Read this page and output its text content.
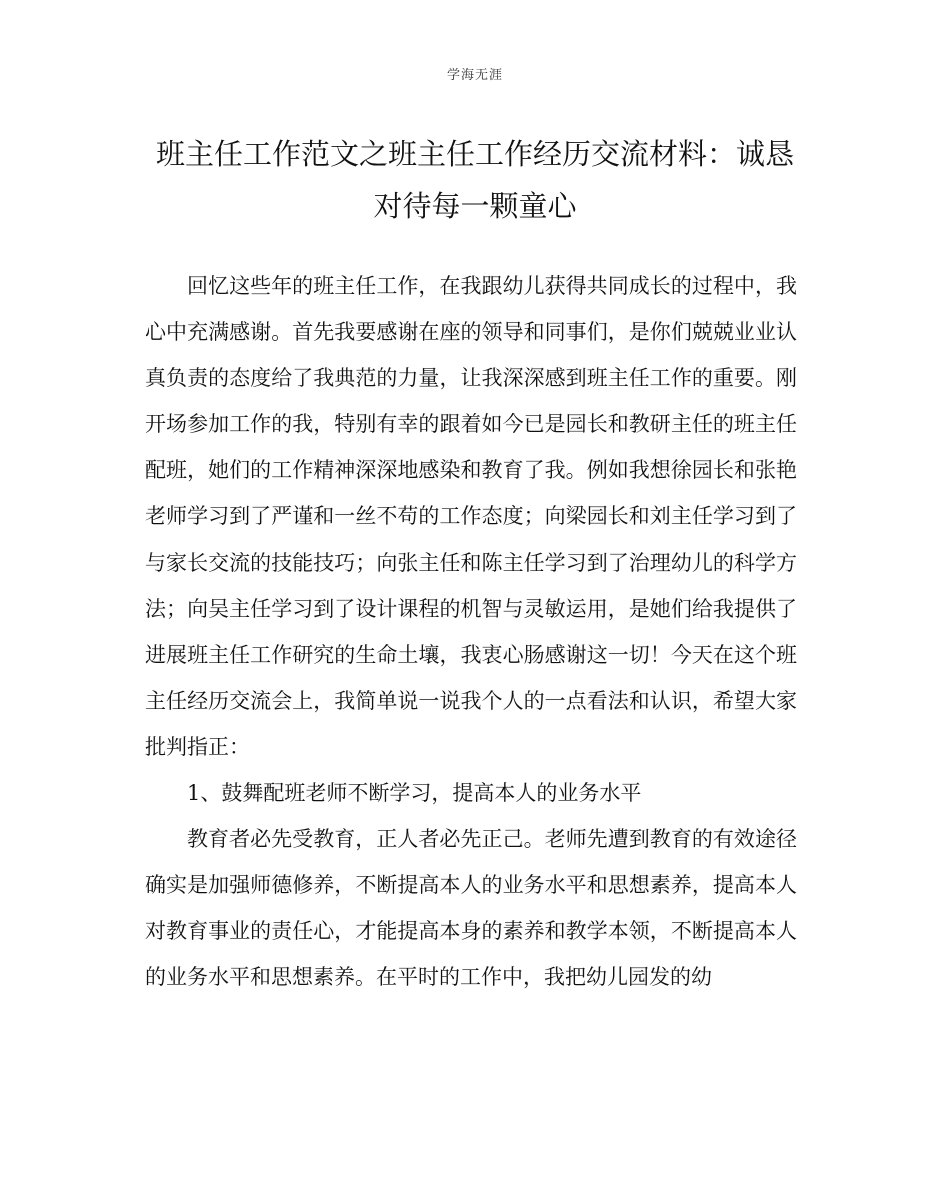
学海无涯
班主任工作范文之班主任工作经历交流材料：诚恳对待每一颗童心

回忆这些年的班主任工作，在我跟幼儿获得共同成长的过程中，我心中充满感谢。首先我要感谢在座的领导和同事们，是你们兢兢业业认真负责的态度给了我典范的力量，让我深深感到班主任工作的重要。刚开场参加工作的我，特别有幸的跟着如今已是园长和教研主任的班主任配班，她们的工作精神深深地感染和教育了我。例如我想徐园长和张艳老师学习到了严谨和一丝不苟的工作态度；向梁园长和刘主任学习到了与家长交流的技能技巧；向张主任和陈主任学习到了治理幼儿的科学方法；向吴主任学习到了设计课程的机智与灵敏运用，是她们给我提供了进展班主任工作研究的生命土壤，我衷心肠感谢这一切！今天在这个班主任经历交流会上，我简单说一说我个人的一点看法和认识，希望大家批判指正：

1、鼓舞配班老师不断学习，提高本人的业务水平

教育者必先受教育，正人者必先正己。老师先遭到教育的有效途径确实是加强师德修养，不断提高本人的业务水平和思想素养，提高本人对教育事业的责任心，才能提高本身的素养和教学本领，不断提高本人的业务水平和思想素养。在平时的工作中，我把幼儿园发的幼
